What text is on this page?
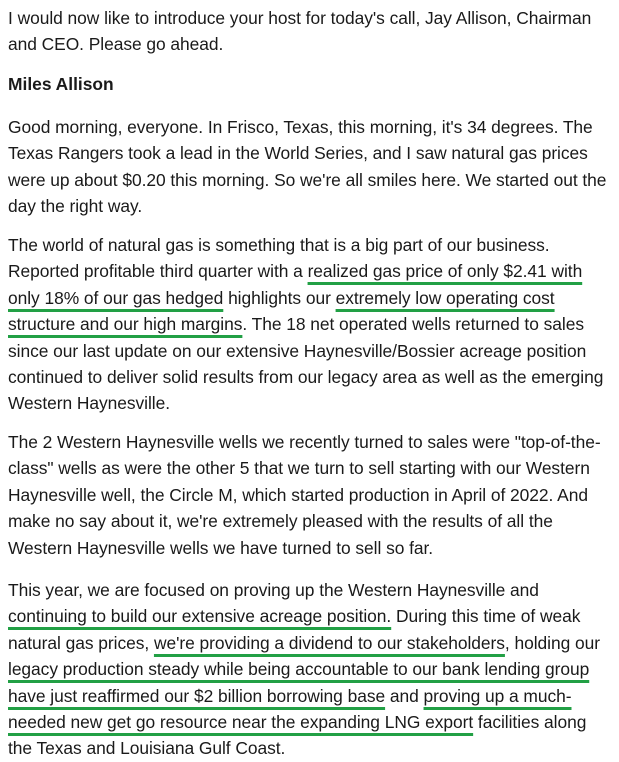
I would now like to introduce your host for today's call, Jay Allison, Chairman and CEO. Please go ahead.

Miles Allison

Good morning, everyone. In Frisco, Texas, this morning, it's 34 degrees. The Texas Rangers took a lead in the World Series, and I saw natural gas prices were up about $0.20 this morning. So we're all smiles here. We started out the day the right way.

The world of natural gas is something that is a big part of our business. Reported profitable third quarter with a realized gas price of only $2.41 with only 18% of our gas hedged highlights our extremely low operating cost structure and our high margins. The 18 net operated wells returned to sales since our last update on our extensive Haynesville/Bossier acreage position continued to deliver solid results from our legacy area as well as the emerging Western Haynesville.

The 2 Western Haynesville wells we recently turned to sales were "top-of-the-class" wells as were the other 5 that we turn to sell starting with our Western Haynesville well, the Circle M, which started production in April of 2022. And make no say about it, we're extremely pleased with the results of all the Western Haynesville wells we have turned to sell so far.

This year, we are focused on proving up the Western Haynesville and continuing to build our extensive acreage position. During this time of weak natural gas prices, we're providing a dividend to our stakeholders, holding our legacy production steady while being accountable to our bank lending group have just reaffirmed our $2 billion borrowing base and proving up a much-needed new get go resource near the expanding LNG export facilities along the Texas and Louisiana Gulf Coast.
